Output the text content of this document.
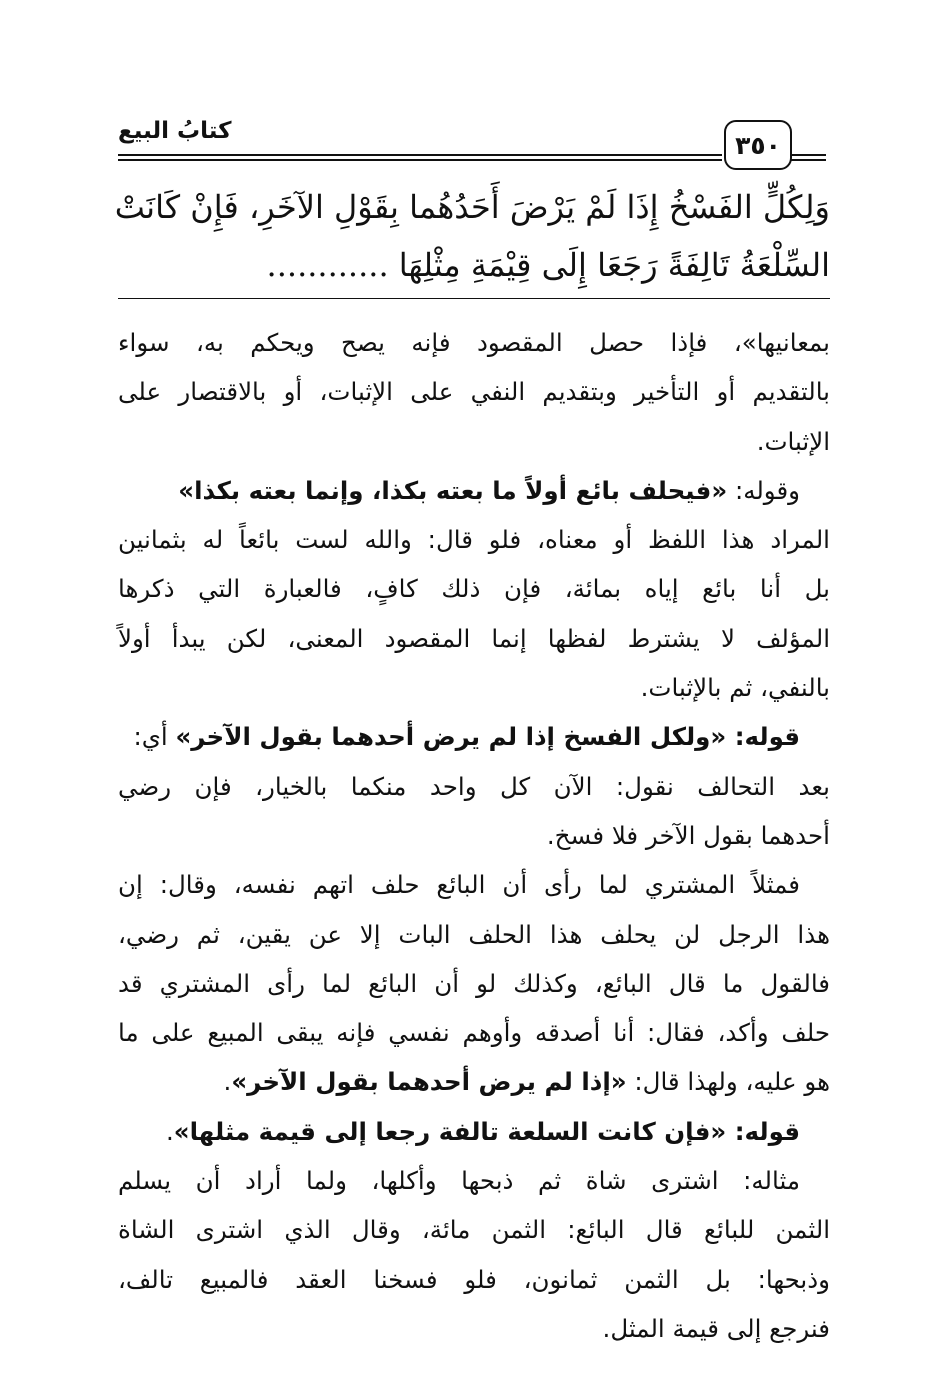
كتابُ البيع	٣٥٠
وَلِكُلٍّ الفَسْخُ إِذَا لَمْ يَرْضَ أَحَدُهُما بِقَوْلِ الآخَرِ، فَإِنْ كَانَتْ
السِّلْعَةُ تَالِفَةً رَجَعَا إِلَى قِيْمَةِ مِثْلِهَا ............
بمعانيها»، فإذا حصل المقصود فإنه يصح ويحكم به، سواء
بالتقديم أو التأخير وبتقديم النفي على الإثبات، أو بالاقتصار على
الإثبات.
وقوله: «فيحلف بائع أولاً ما بعته بكذا، وإنما بعته بكذا»
المراد هذا اللفظ أو معناه، فلو قال: والله لست بائعاً له بثمانين
بل أنا بائع إياه بمائة، فإن ذلك كافٍ، فالعبارة التي ذكرها
المؤلف لا يشترط لفظها إنما المقصود المعنى، لكن يبدأ أولاً
بالنفي، ثم بالإثبات.
قوله: «ولكل الفسخ إذا لم يرض أحدهما بقول الآخر» أي:
بعد التحالف نقول: الآن كل واحد منكما بالخيار، فإن رضي
أحدهما بقول الآخر فلا فسخ.
فمثلاً المشتري لما رأى أن البائع حلف اتهم نفسه، وقال: إن
هذا الرجل لن يحلف هذا الحلف البات إلا عن يقين، ثم رضي،
فالقول ما قال البائع، وكذلك لو أن البائع لما رأى المشتري قد
حلف وأكد، فقال: أنا أصدقه وأوهم نفسي فإنه يبقى المبيع على ما
هو عليه، ولهذا قال: «إذا لم يرض أحدهما بقول الآخر».
قوله: «فإن كانت السلعة تالفة رجعا إلى قيمة مثلها».
مثاله: اشترى شاة ثم ذبحها وأكلها، ولما أراد أن يسلم
الثمن للبائع قال البائع: الثمن مائة، وقال الذي اشترى الشاة
وذبحها: بل الثمن ثمانون، فلو فسخنا العقد فالمبيع تالف،
فنرجع إلى قيمة المثل.
